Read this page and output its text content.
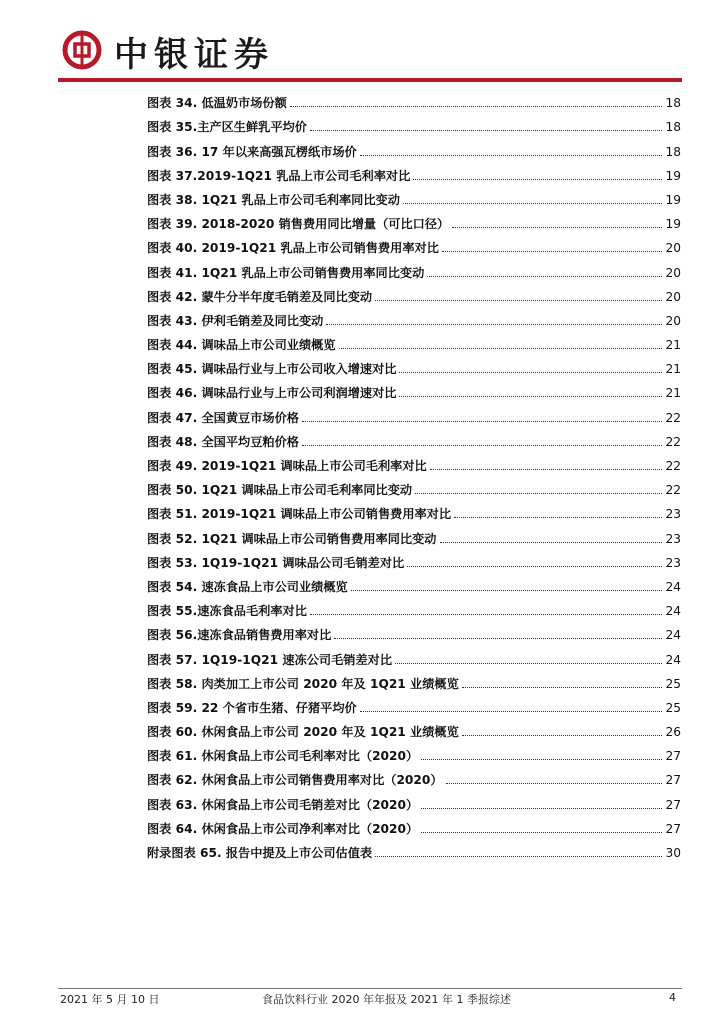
中银证券
图表 34. 低温奶市场份额	18
图表 35.主产区生鲜乳平均价	18
图表 36. 17 年以来高强瓦楞纸市场价	18
图表 37.2019-1Q21 乳品上市公司毛利率对比	19
图表 38. 1Q21 乳品上市公司毛利率同比变动	19
图表 39. 2018-2020 销售费用同比增量（可比口径）	19
图表 40. 2019-1Q21 乳品上市公司销售费用率对比	20
图表 41. 1Q21 乳品上市公司销售费用率同比变动	20
图表 42. 蒙牛分半年度毛销差及同比变动	20
图表 43. 伊利毛销差及同比变动	20
图表 44. 调味品上市公司业绩概览	21
图表 45. 调味品行业与上市公司收入增速对比	21
图表 46. 调味品行业与上市公司利润增速对比	21
图表 47. 全国黄豆市场价格	22
图表 48. 全国平均豆粕价格	22
图表 49. 2019-1Q21 调味品上市公司毛利率对比	22
图表 50. 1Q21 调味品上市公司毛利率同比变动	22
图表 51. 2019-1Q21 调味品上市公司销售费用率对比	23
图表 52. 1Q21 调味品上市公司销售费用率同比变动	23
图表 53. 1Q19-1Q21 调味品公司毛销差对比	23
图表 54. 速冻食品上市公司业绩概览	24
图表 55.速冻食品毛利率对比	24
图表 56.速冻食品销售费用率对比	24
图表 57. 1Q19-1Q21 速冻公司毛销差对比	24
图表 58. 肉类加工上市公司 2020 年及 1Q21 业绩概览	25
图表 59. 22 个省市生猪、仔猪平均价	25
图表 60. 休闲食品上市公司 2020 年及 1Q21 业绩概览	26
图表 61. 休闲食品上市公司毛利率对比（2020）	27
图表 62. 休闲食品上市公司销售费用率对比（2020）	27
图表 63. 休闲食品上市公司毛销差对比（2020）	27
图表 64. 休闲食品上市公司净利率对比（2020）	27
附录图表 65. 报告中提及上市公司估值表	30
2021 年 5 月 10 日	食品饮料行业 2020 年年报及 2021 年 1 季报综述	4
